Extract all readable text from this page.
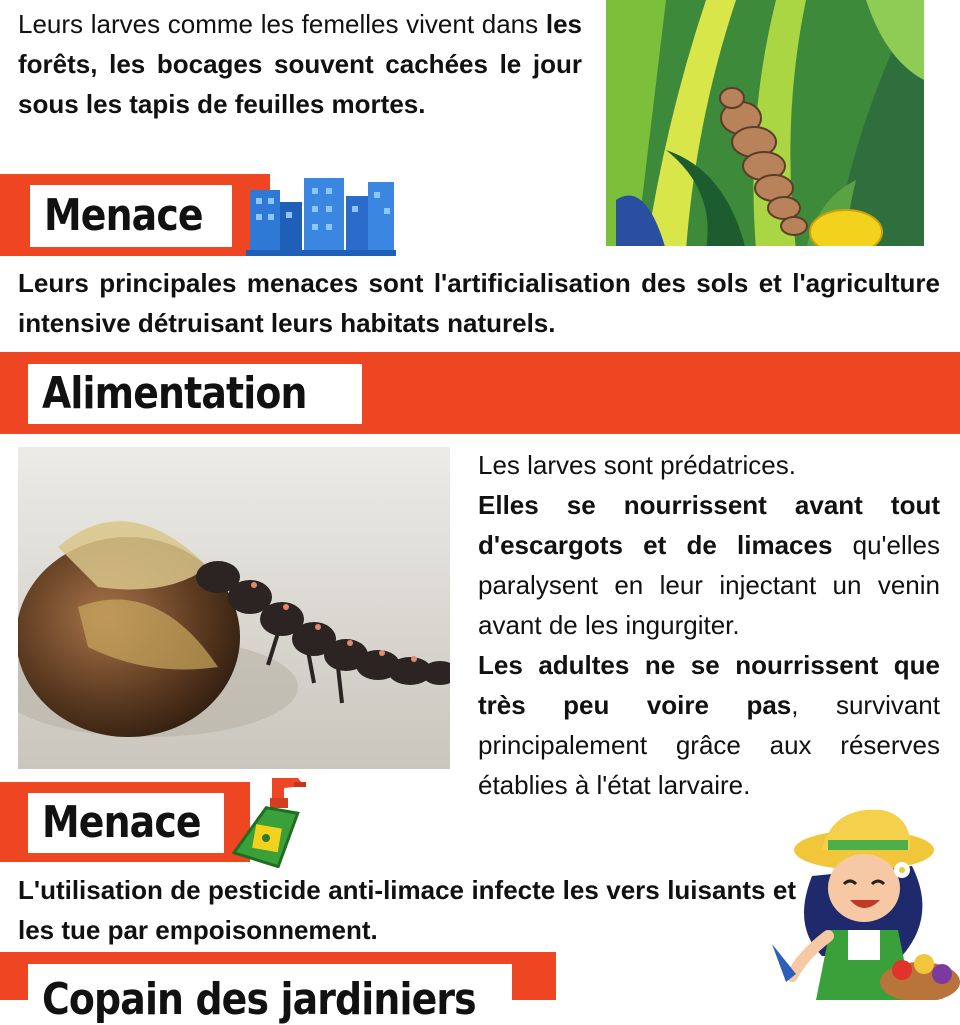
Leurs larves comme les femelles vivent dans les forêts, les bocages souvent cachées le jour sous les tapis de feuilles mortes.

Menace

Leurs principales menaces sont l'artificialisation des sols et l'agriculture intensive détruisant leurs habitats naturels.

Alimentation

Les larves sont prédatrices.

Elles se nourrissent avant tout d'escargots et de limaces qu'elles paralysent en leur injectant un venin avant de les ingurgiter.

Les adultes ne se nourrissent que très peu voire pas, survivant principalement grâce aux réserves établies à l'état larvaire.

Menace

L'utilisation de pesticide anti-limace infecte les vers luisants et les tue par empoisonnement.

Copain des jardiniers
